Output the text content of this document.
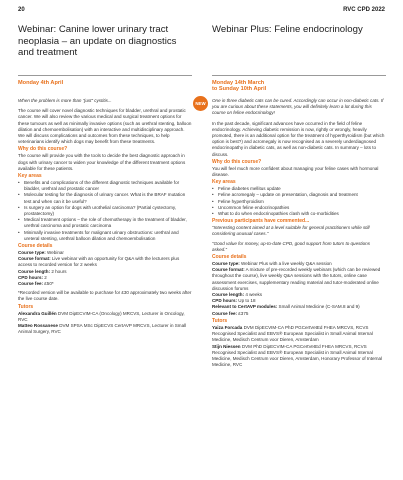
20	RVC CPD 2022
Webinar: Canine lower urinary tract neoplasia – an update on diagnostics and treatment
Monday 4th April

When the problem is more than "just" cystitis...

The course will cover novel diagnostic techniques for bladder, urethral and prostatic cancer. We will also review the various medical and surgical treatment options for these tumours as well as minimally invasive options (such as urethral stenting, balloon dilation and chemoembolisation) with an interactive and multidisciplinary approach. We will discuss complications and outcomes from these techniques, to help veterinarians identify which dogs may benefit from these treatments.

Why do this course?

The course will provide you with the tools to decide the best diagnostic approach in dogs with urinary cancer to widen your knowledge of the different treatment options available for these patients.

Key areas
• Benefits and complications of the different diagnostic techniques available for bladder, urethral and prostatic cancer
• Molecular testing for the diagnosis of urinary cancer. What is the BRAF mutation test and when can it be useful?
• Is surgery an option for dogs with urothelial carcinoma? (Partial cystectomy, prostatectomy)
• Medical treatment options – the role of chemotherapy in the treatment of bladder, urethral carcinoma and prostatic carcinoma
• Minimally invasive treatments for malignant urinary obstructions: urethral and ureteral stenting, urethral balloon dilation and chemoembolisation
Course details

Course type: Webinar

Course format: Live webinar with an opportunity for Q&A with the lecturers plus access to recorded version for 2 weeks

Course length: 2 hours

CPD hours: 2

Course fee: £50*

*Recorded version will be available to purchase for £30 approximately two weeks after the live course date.

Tutors

Alexandra Guillén DVM DipECVIM-CA (Oncology) MRCVS, Lecturer in Oncology, RVC

Matteo Rossanese DVM SPSA MSc DipECVS CertAVP MRCVS, Lecturer in Small Animal Surgery, RVC

Webinar Plus: Feline endocrinology
Monday 14th March
to Sunday 10th April

One in three diabetic cats can be cured. Accordingly can occur in non-diabetic cats. If you are curious about these statements, you will definitely learn a lot during this course on feline endocrinology!

In the past decade, significant advances have occurred in the field of feline endocrinology. Achieving diabetic remission is now, rightly or wrongly, heavily promoted, there is an additional option for the treatment of hyperthyroidism (but which option is best?) and acromegaly is now recognised as a severely underdiagnosed endocrinopathy in diabetic cats, as well as non-diabetic cats. In summary – lots to discuss.

Why do this course?

You will feel much more confident about managing your feline cases with hormonal disease.

Key areas
• Feline diabetes mellitus update
• Feline acromegaly – update on presentation, diagnosis and treatment
• Feline hyperthyroidism
• Uncommon feline endocrinopathies
• What to do when endocrinopathies clash with co-morbidities
Previous participants have commented...

"Interesting content aimed at a level suitable for general practitioners while still considering unusual cases."

"Good value for money, up-to-date CPD, good support from tutors to questions asked."

Course details

Course type: Webinar Plus with a live weekly Q&A session

Course format: A mixture of pre-recorded weekly webinars (which can be reviewed throughout the course), live weekly Q&A sessions with the tutors, online case assessment exercises, supplementary reading material and tutor-moderated online discussion forums

Course length: 4 weeks

CPD hours: Up to 18

Relevant to CertAVP modules: Small Animal Medicine (C-SAM.8 and 9)

Course fee: £375

Tutors

Yaiza Forcada DVM DipECVIM-CA PhD PGCertVetEd FHEA MRCVS, RCVS Recognised Specialist and EBVS® European Specialist in Small Animal Internal Medicine, Medisch Centrum voor Dieren, Amsterdam

Stijn Niessen DVM PhD DipECVIM-CA PGCertVetEd FHEA MRCVS, RCVS Recognised Specialist and EBVS® European Specialist in Small Animal Internal Medicine, Medisch Centrum voor Dieren, Amsterdam, Honorary Professor of Internal Medicine, RVC

NEW
